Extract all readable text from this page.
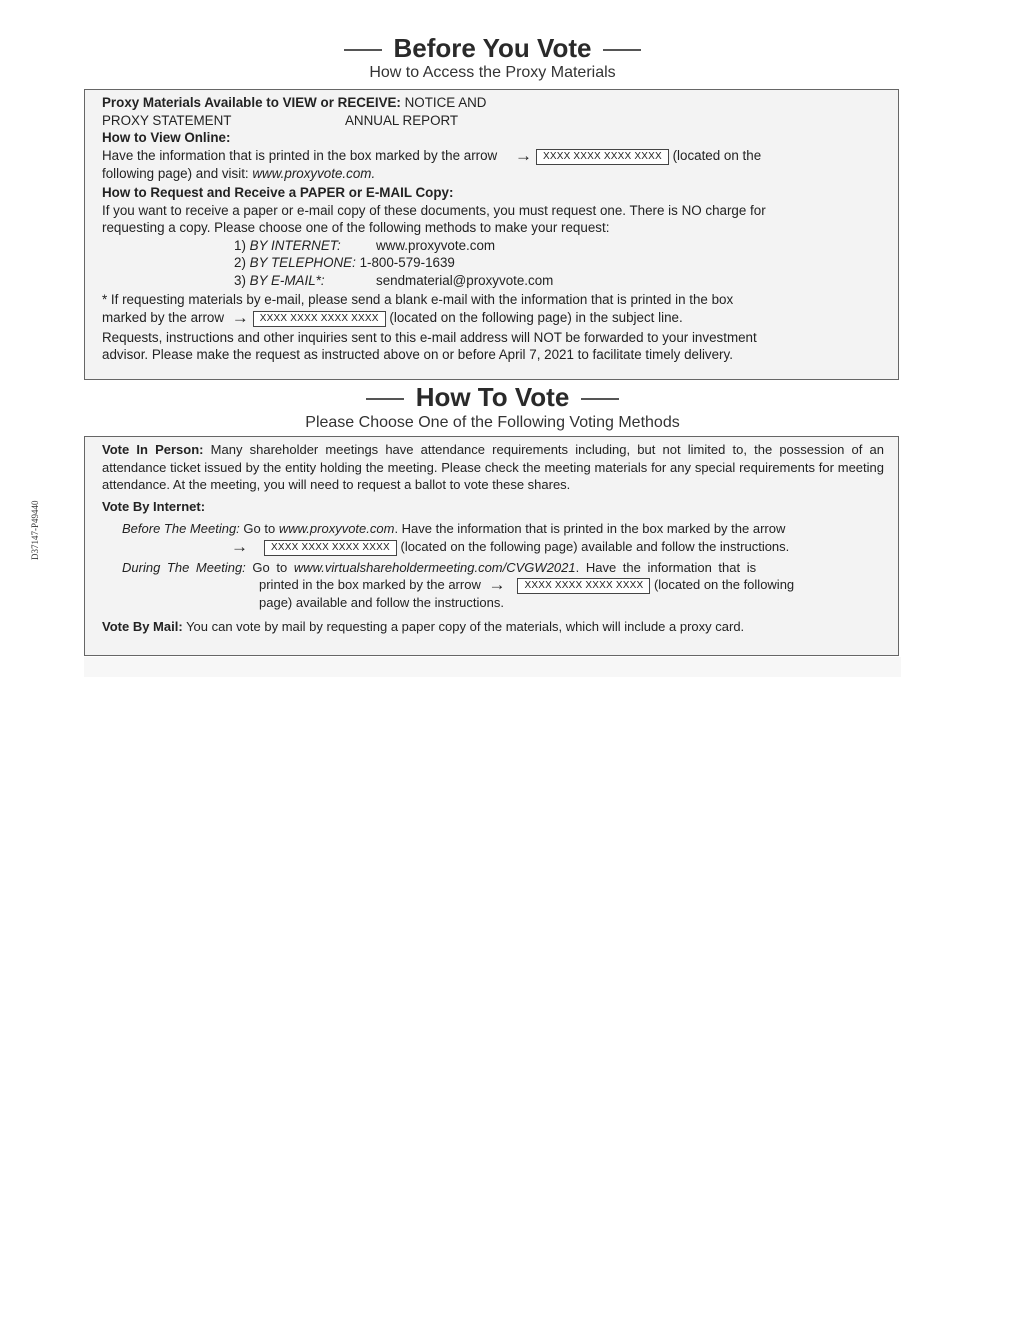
Before You Vote
How to Access the Proxy Materials
Proxy Materials Available to VIEW or RECEIVE: NOTICE AND
PROXY STATEMENT	ANNUAL REPORT
How to View Online:
Have the information that is printed in the box marked by the arrow → XXXX XXXX XXXX XXXX (located on the
following page) and visit: www.proxyvote.com.
How to Request and Receive a PAPER or E-MAIL Copy:
If you want to receive a paper or e-mail copy of these documents, you must request one. There is NO charge for
requesting a copy. Please choose one of the following methods to make your request:
1) BY INTERNET:	www.proxyvote.com
2) BY TELEPHONE: 1-800-579-1639
3) BY E-MAIL*:	sendmaterial@proxyvote.com
* If requesting materials by e-mail, please send a blank e-mail with the information that is printed in the box
marked by the arrow → XXXX XXXX XXXX XXXX (located on the following page) in the subject line.
Requests, instructions and other inquiries sent to this e-mail address will NOT be forwarded to your investment
advisor. Please make the request as instructed above on or before April 7, 2021 to facilitate timely delivery.
How To Vote
Please Choose One of the Following Voting Methods
Vote In Person: Many shareholder meetings have attendance requirements including, but not limited to, the possession of an attendance ticket issued by the entity holding the meeting. Please check the meeting materials for any special requirements for meeting attendance. At the meeting, you will need to request a ballot to vote these shares.
Vote By Internet:
Before The Meeting: Go to www.proxyvote.com. Have the information that is printed in the box marked by the arrow
→ XXXX XXXX XXXX XXXX (located on the following page) available and follow the instructions.
During The Meeting: Go to www.virtualshareholdermeeting.com/CVGW2021. Have the information that is
printed in the box marked by the arrow → XXXX XXXX XXXX XXXX (located on the following
page) available and follow the instructions.
Vote By Mail: You can vote by mail by requesting a paper copy of the materials, which will include a proxy card.
D37147-P49440
